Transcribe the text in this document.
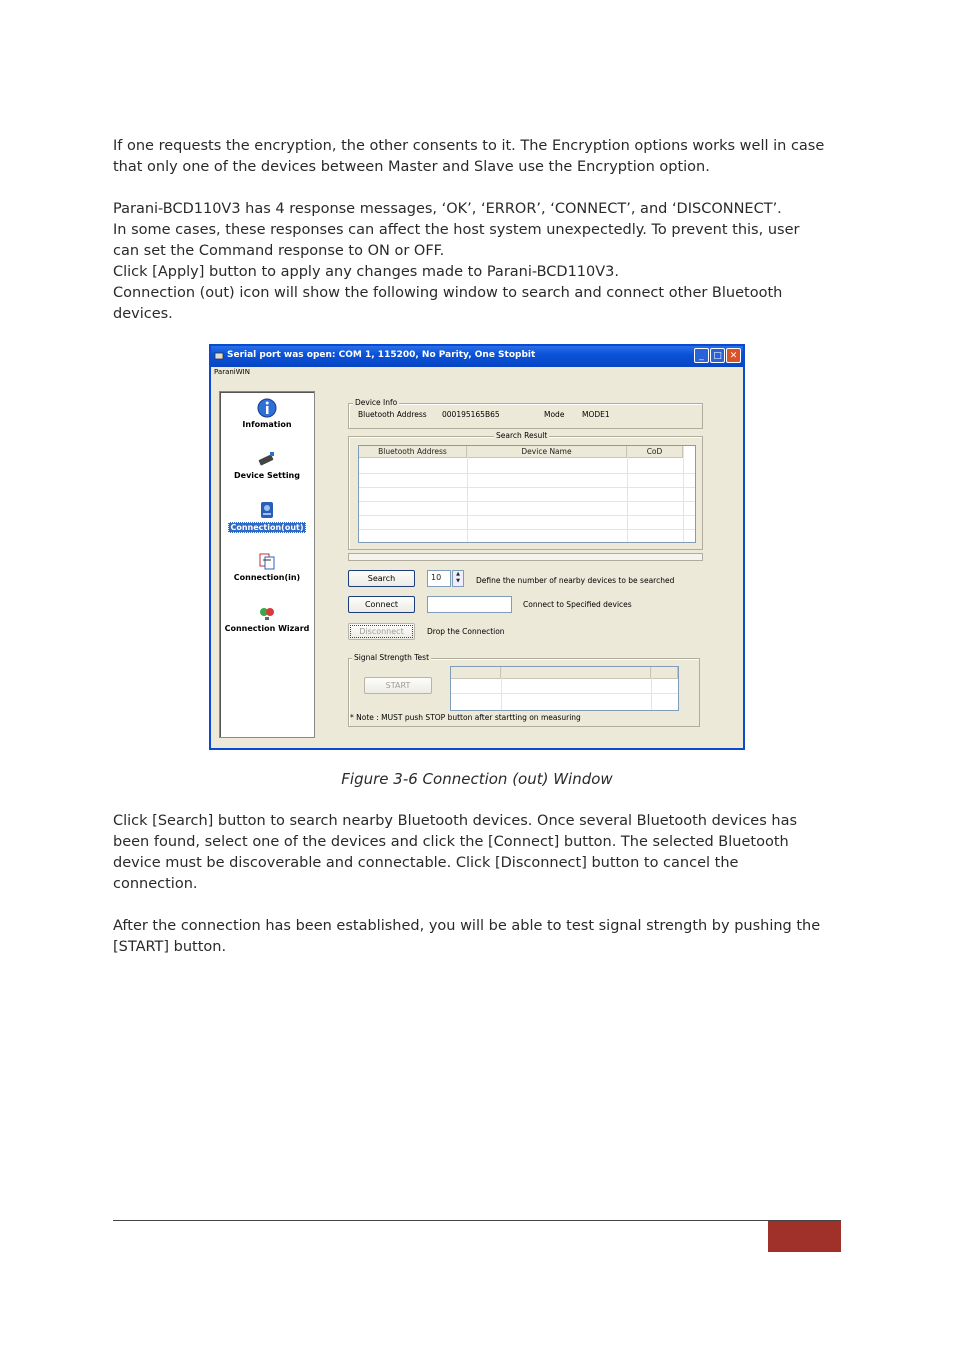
If one requests the encryption, the other consents to it. The Encryption options works well in case

that only one of the devices between Master and Slave use the Encryption option.

Parani-BCD110V3 has 4 response messages, ‘OK’, ‘ERROR’, ‘CONNECT’, and ‘DISCONNECT’.

In some cases, these responses can affect the host system unexpectedly. To prevent this, user

can set the Command response to ON or OFF.

Click [Apply] button to apply any changes made to Parani-BCD110V3.

Connection (out) icon will show the following window to search and connect other Bluetooth

devices.

Serial port was open: COM 1, 115200, No Parity, One Stopbit	_	□ ✕
ParaniWIN
Infomation
Device Setting
Connection(out)
Connection(in)
Connection Wizard
Device Info
Bluetooth Address 000195165B65	Mode MODE1
Search Result
Bluetooth Address	Device Name	CoD
Search	10	▲
▼	Define the number of nearby devices to be searched
Connect	Connect to Specified devices
Disconnect	Drop the Connection
Signal Strength Test
START
* Note : MUST push STOP button after startting on measuring
Figure 3-6 Connection (out) Window

Click [Search] button to search nearby Bluetooth devices. Once several Bluetooth devices has

been found, select one of the devices and click the [Connect] button. The selected Bluetooth

device must be discoverable and connectable. Click [Disconnect] button to cancel the

connection.

After the connection has been established, you will be able to test signal strength by pushing the

[START] button.
